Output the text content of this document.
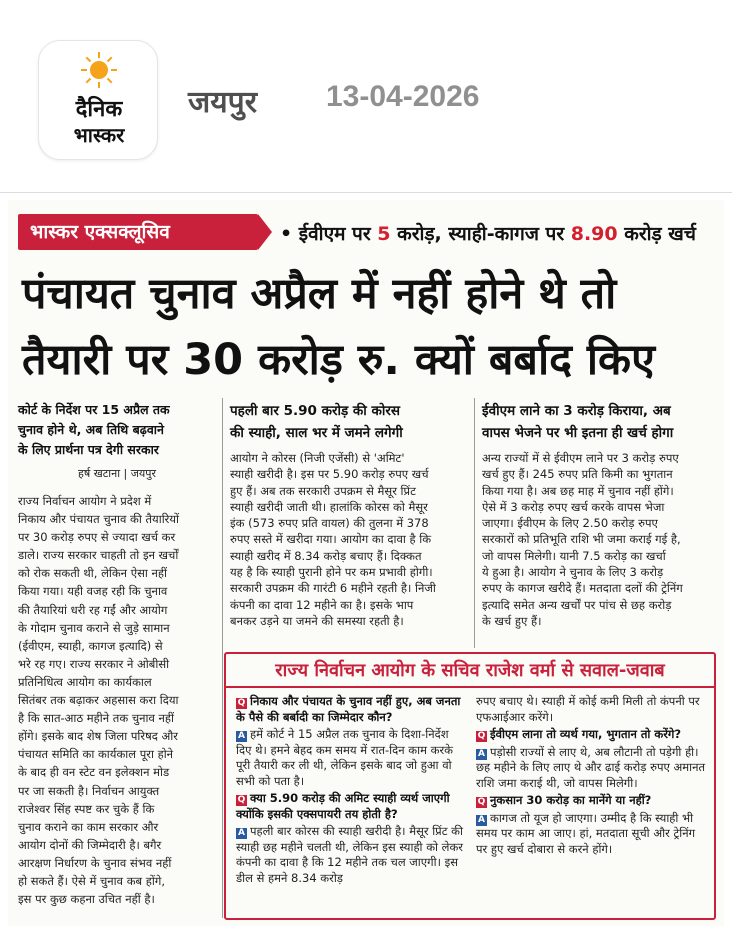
दैनिक
भास्कर
जयपुर 13-04-2026
भास्कर एक्सक्लूसिव	• ईवीएम पर 5 करोड़, स्याही-कागज पर 8.90 करोड़ खर्च
पंचायत चुनाव अप्रैल में नहीं होने थे तो
तैयारी पर 30 करोड़ रु. क्यों बर्बाद किए
कोर्ट के निर्देश पर 15 अप्रैल तक
चुनाव होने थे, अब तिथि बढ़वाने
के लिए प्रार्थना पत्र देगी सरकार
हर्ष खटाना | जयपुर
राज्य निर्वाचन आयोग ने प्रदेश में
निकाय और पंचायत चुनाव की तैयारियों
पर 30 करोड़ रुपए से ज्यादा खर्च कर
डाले। राज्य सरकार चाहती तो इन खर्चों
को रोक सकती थी, लेकिन ऐसा नहीं
किया गया। यही वजह रही कि चुनाव
की तैयारियां धरी रह गईं और आयोग
के गोदाम चुनाव कराने से जुड़े सामान
(ईवीएम, स्याही, कागज इत्यादि) से
भरे रह गए। राज्य सरकार ने ओबीसी
प्रतिनिधित्व आयोग का कार्यकाल
सितंबर तक बढ़ाकर अहसास करा दिया
है कि सात-आठ महीने तक चुनाव नहीं
होंगे। इसके बाद शेष जिला परिषद और
पंचायत समिति का कार्यकाल पूरा होने
के बाद ही वन स्टेट वन इलेक्शन मोड
पर जा सकती है। निर्वाचन आयुक्त
राजेश्वर सिंह स्पष्ट कर चुके हैं कि
चुनाव कराने का काम सरकार और
आयोग दोनों की जिम्मेदारी है। बगैर
आरक्षण निर्धारण के चुनाव संभव नहीं
हो सकते हैं। ऐसे में चुनाव कब होंगे,
इस पर कुछ कहना उचित नहीं है।
पहली बार 5.90 करोड़ की कोरस
की स्याही, साल भर में जमने लगेगी
आयोग ने कोरस (निजी एजेंसी) से 'अमिट'
स्याही खरीदी है। इस पर 5.90 करोड़ रुपए खर्च
हुए हैं। अब तक सरकारी उपक्रम से मैसूर प्रिंट
स्याही खरीदी जाती थी। हालांकि कोरस को मैसूर
इंक (573 रुपए प्रति वायल) की तुलना में 378
रुपए सस्ते में खरीदा गया। आयोग का दावा है कि
स्याही खरीद में 8.34 करोड़ बचाए हैं। दिक्कत
यह है कि स्याही पुरानी होने पर कम प्रभावी होगी।
सरकारी उपक्रम की गारंटी 6 महीने रहती है। निजी
कंपनी का दावा 12 महीने का है। इसके भाप
बनकर उड़ने या जमने की समस्या रहती है।
ईवीएम लाने का 3 करोड़ किराया, अब
वापस भेजने पर भी इतना ही खर्च होगा
अन्य राज्यों में से ईवीएम लाने पर 3 करोड़ रुपए
खर्च हुए हैं। 245 रुपए प्रति किमी का भुगतान
किया गया है। अब छह माह में चुनाव नहीं होंगे।
ऐसे में 3 करोड़ रुपए खर्च करके वापस भेजा
जाएगा। ईवीएम के लिए 2.50 करोड़ रुपए
सरकारों को प्रतिभूति राशि भी जमा कराई गई है,
जो वापस मिलेगी। यानी 7.5 करोड़ का खर्चा
ये हुआ है। आयोग ने चुनाव के लिए 3 करोड़
रुपए के कागज खरीदे हैं। मतदाता दलों की ट्रेनिंग
इत्यादि समेत अन्य खर्चों पर पांच से छह करोड़
के खर्च हुए हैं।
राज्य निर्वाचन आयोग के सचिव राजेश वर्मा से सवाल-जवाब
Q निकाय और पंचायत के चुनाव नहीं हुए, अब जनता के पैसे की बर्बादी का जिम्मेदार कौन?
A हमें कोर्ट ने 15 अप्रैल तक चुनाव के दिशा-निर्देश दिए थे। हमने बेहद कम समय में रात-दिन काम करके पूरी तैयारी कर ली थी, लेकिन इसके बाद जो हुआ वो सभी को पता है।
Q क्या 5.90 करोड़ की अमिट स्याही व्यर्थ जाएगी क्योंकि इसकी एक्सपायरी तय होती है?
A पहली बार कोरस की स्याही खरीदी है। मैसूर प्रिंट की स्याही छह महीने चलती थी, लेकिन इस स्याही को लेकर कंपनी का दावा है कि 12 महीने तक चल जाएगी। इस डील से हमने 8.34 करोड़
रुपए बचाए थे। स्याही में कोई कमी मिली तो कंपनी पर एफआईआर करेंगे।
Q ईवीएम लाना तो व्यर्थ गया, भुगतान तो करेंगे?
A पड़ोसी राज्यों से लाए थे, अब लौटानी तो पड़ेगी ही। छह महीने के लिए लाए थे और ढाई करोड़ रुपए अमानत राशि जमा कराई थी, जो वापस मिलेगी।
Q नुकसान 30 करोड़ का मानेंगे या नहीं?
A कागज तो यूज हो जाएगा। उम्मीद है कि स्याही भी समय पर काम आ जाए। हां, मतदाता सूची और ट्रेनिंग पर हुए खर्च दोबारा से करने होंगे।
